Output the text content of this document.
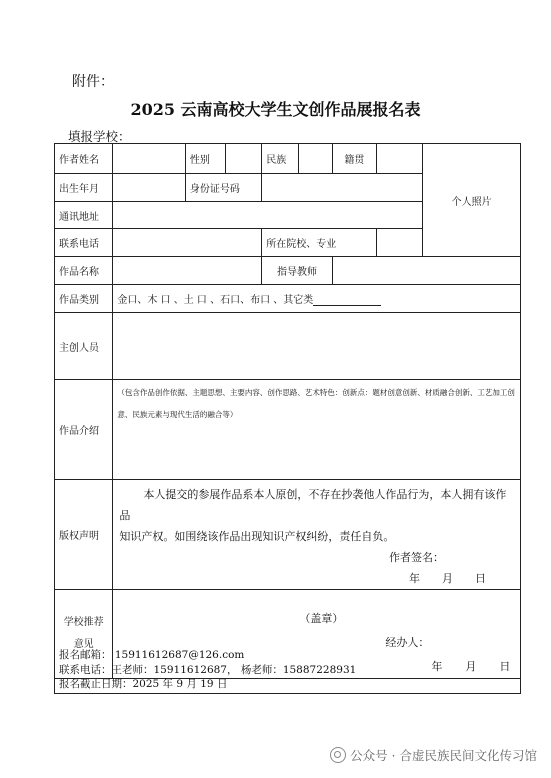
附件：
2025 云南高校大学生文创作品展报名表
填报学校：
作者姓名		性别		民族		籍贯		个人照片
出生年月		身份证号码						
通讯地址								
联系电话				所在院校、专业				
作品名称				指导教师				
作品类别	金口、木 口 、土 口 、石口、布口 、其它类							
主创人员								
作品介绍	（包含作品创作依据、主题思想、主要内容、创作思路、艺术特色：创新点：题材创意创新、材质融合创新、工艺加工创意、民族元素与现代生活的融合等）							
版权声明	本人提交的参展作品系本人原创，不存在抄袭他人作品行为，本人拥有该作品

知识产权。如围绕该作品出现知识产权纠纷，责任自负。

作者签名：

年　　月　　日							

学校推荐
意见	（盖章）
经办人：
年 月 日							
报名邮箱： 15911612687@126.com
联系电话：王老师：15911612687， 杨老师：15887228931
报名截止日期：2025 年 9 月 19 日
公众号 · 合虚民族民间文化传习馆
